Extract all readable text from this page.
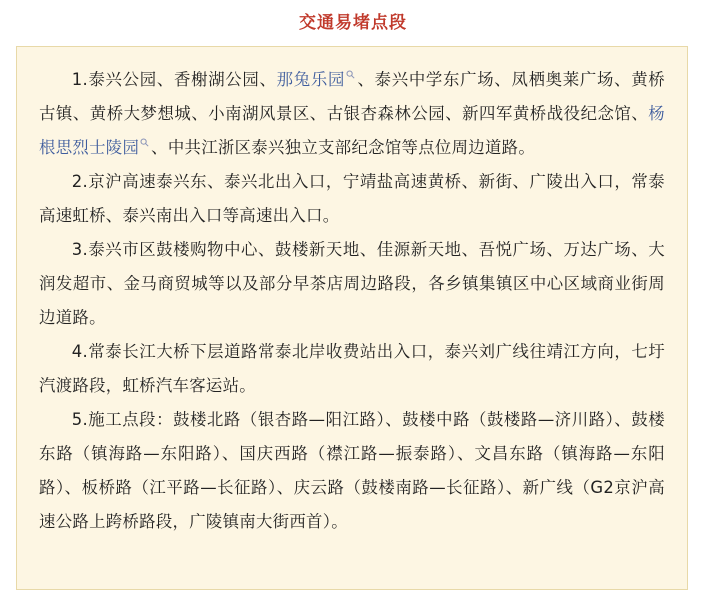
交通易堵点段

1.泰兴公园、香榭湖公园、那兔乐园 、泰兴中学东广场、凤栖奥莱广场、黄桥古镇、黄桥大梦想城、小南湖风景区、古银杏森林公园、新四军黄桥战役纪念馆、杨根思烈士陵园 、中共江浙区泰兴独立支部纪念馆等点位周边道路。

2.京沪高速泰兴东、泰兴北出入口，宁靖盐高速黄桥、新街、广陵出入口，常泰高速虹桥、泰兴南出入口等高速出入口。

3.泰兴市区鼓楼购物中心、鼓楼新天地、佳源新天地、吾悦广场、万达广场、大润发超市、金马商贸城等以及部分早茶店周边路段，各乡镇集镇区中心区域商业街周边道路。

4.常泰长江大桥下层道路常泰北岸收费站出入口，泰兴刘广线往靖江方向，七圩汽渡路段，虹桥汽车客运站。

5.施工点段：鼓楼北路（银杏路—阳江路）、鼓楼中路（鼓楼路—济川路）、鼓楼东路（镇海路—东阳路）、国庆西路（襟江路—振泰路）、文昌东路（镇海路—东阳路）、板桥路（江平路—长征路）、庆云路（鼓楼南路—长征路）、新广线（G2京沪高速公路上跨桥路段，广陵镇南大街西首）。
